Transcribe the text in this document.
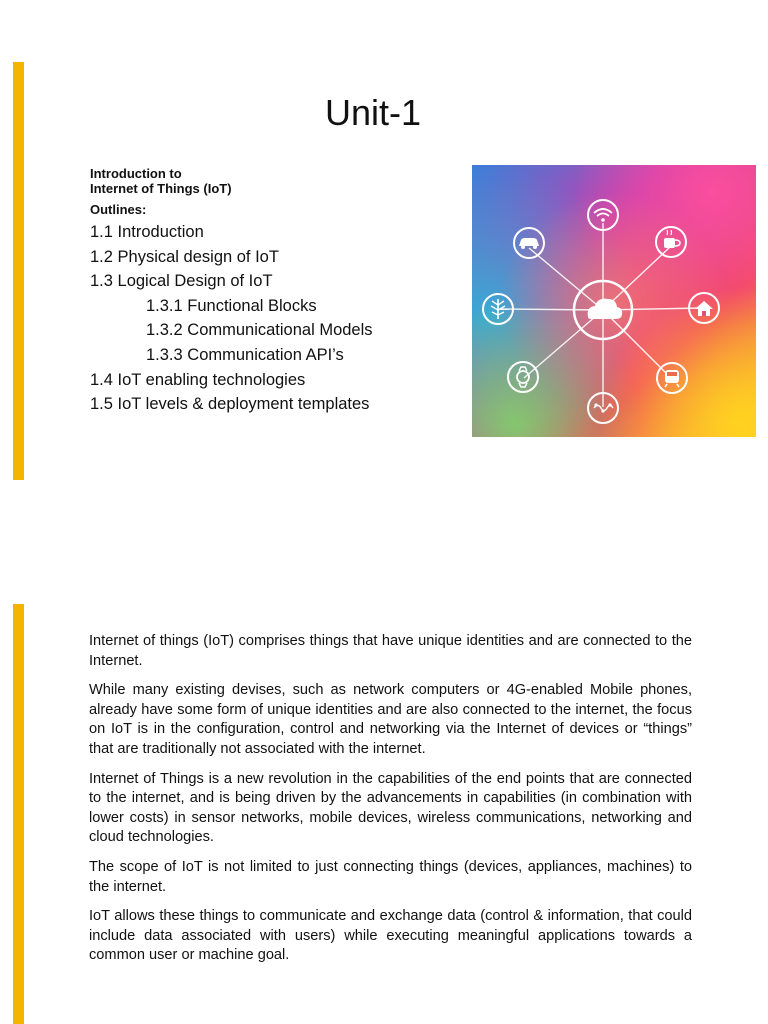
Unit-1
Introduction to
Internet of Things (IoT)
Outlines:
1.1 Introduction
1.2 Physical design of IoT
1.3 Logical Design of IoT
1.3.1 Functional Blocks
1.3.2 Communicational Models
1.3.3 Communication API’s
1.4 IoT enabling technologies
1.5 IoT levels & deployment templates

Internet of things (IoT) comprises things that have unique identities and are connected to the Internet.

While many existing devises, such as network computers or 4G-enabled Mobile phones, already have some form of unique identities and are also connected to the internet, the focus on IoT is in the configuration, control and networking via the Internet of devices or “things” that are traditionally not associated with the internet.

Internet of Things is a new revolution in the capabilities of the end points that are connected to the internet, and is being driven by the advancements in capabilities (in combination with lower costs) in sensor networks, mobile devices, wireless communications, networking and cloud technologies.

The scope of IoT is not limited to just connecting things (devices, appliances, machines) to the internet.

IoT allows these things to communicate and exchange data (control & information, that could include data associated with users) while executing meaningful applications towards a common user or machine goal.
